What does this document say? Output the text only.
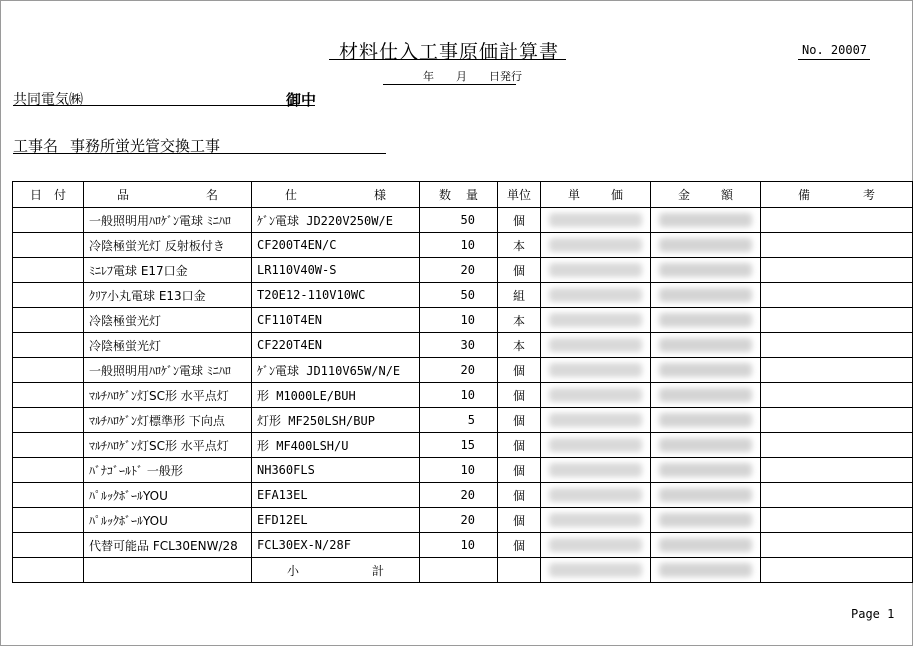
材料仕入工事原価計算書	No. 20007
年 月 日発行
共同電気㈱	御中
工事名 事務所蛍光管交換工事
日 付	品 名	仕 様	数 量	単位	単 価	金 額	備 考

	一般照明用ﾊﾛｹﾞﾝ電球 ﾐﾆﾊﾛ	ｹﾞﾝ電球 JD220V250W/E	50	個	

	冷陰極蛍光灯 反射板付き	CF200T4EN/C	10	本	

	ﾐﾆﾚﾌ電球 E17口金	LR110V40W-S	20	個	

	ｸﾘｱ小丸電球 E13口金	T20E12-110V10WC	50	組	

	冷陰極蛍光灯	CF110T4EN	10	本	

	冷陰極蛍光灯	CF220T4EN	30	本	

	一般照明用ﾊﾛｹﾞﾝ電球 ﾐﾆﾊﾛ	ｹﾞﾝ電球 JD110V65W/N/E	20	個	

	ﾏﾙﾁﾊﾛｹﾞﾝ灯SC形 水平点灯	形 M1000LE/BUH	10	個	

	ﾏﾙﾁﾊﾛｹﾞﾝ灯標準形 下向点	灯形 MF250LSH/BUP	5	個	

	ﾏﾙﾁﾊﾛｹﾞﾝ灯SC形 水平点灯	形 MF400LSH/U	15	個	

	ﾊﾞﾅｺﾞｰﾙﾄﾞ 一般形	NH360FLS	10	個	

	ﾊﾟﾙｯｸﾎﾞｰﾙYOU	EFA13EL	20	個	

	ﾊﾟﾙｯｸﾎﾞｰﾙYOU	EFD12EL	20	個	

	代替可能品 FCL30ENW/28	FCL30EX-N/28F	10	個	

		小 計					

Page 1
